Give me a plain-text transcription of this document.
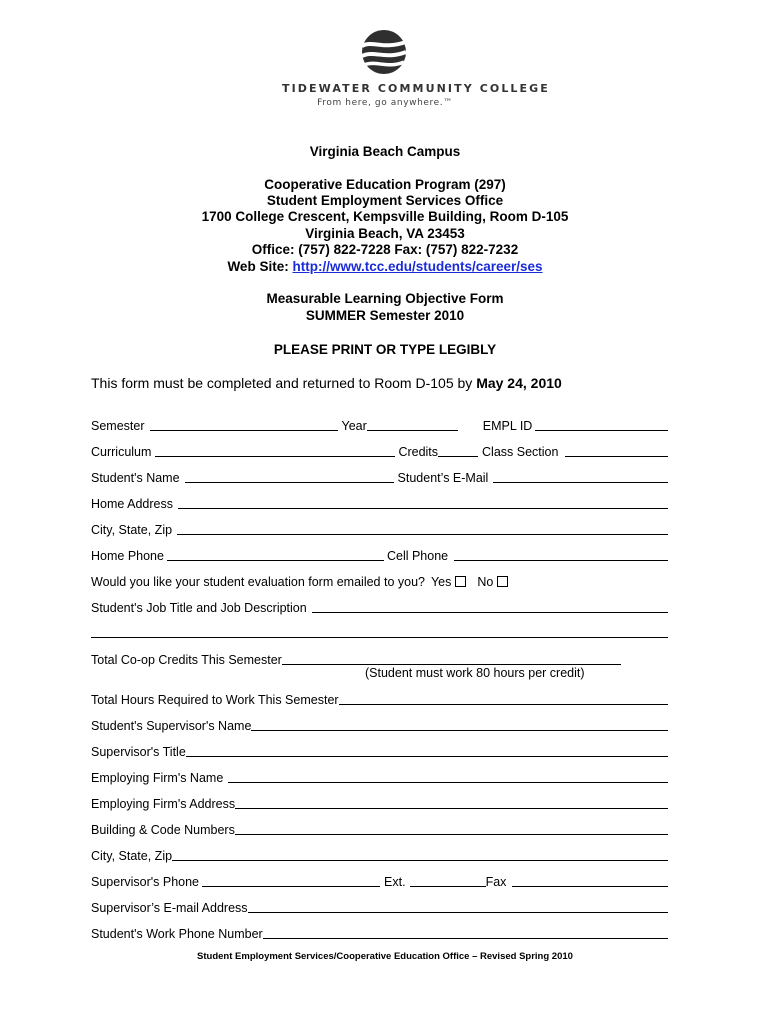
TIDEWATER COMMUNITY COLLEGE
From here, go anywhere.™
Virginia Beach Campus
Cooperative Education Program (297)
Student Employment Services Office
1700 College Crescent, Kempsville Building, Room D-105
Virginia Beach, VA 23453
Office: (757) 822-7228 Fax: (757) 822-7232
Web Site: http://www.tcc.edu/students/career/ses
Measurable Learning Objective Form
SUMMER Semester 2010
PLEASE PRINT OR TYPE LEGIBLY
This form must be completed and returned to Room D-105 by May 24, 2010
Semester	Year	EMPL ID
Curriculum	Credits	Class Section
Student's Name	Student’s E-Mail
Home Address
City, State, Zip
Home Phone	Cell Phone
Would you like your student evaluation form emailed to you? Yes No
Student's Job Title and Job Description
Total Co-op Credits This Semester
(Student must work 80 hours per credit)
Total Hours Required to Work This Semester
Student's Supervisor's Name
Supervisor's Title
Employing Firm's Name
Employing Firm's Address
Building & Code Numbers
City, State, Zip
Supervisor's Phone	Ext.	Fax
Supervisor’s E-mail Address
Student's Work Phone Number
Student Employment Services/Cooperative Education Office – Revised Spring 2010
